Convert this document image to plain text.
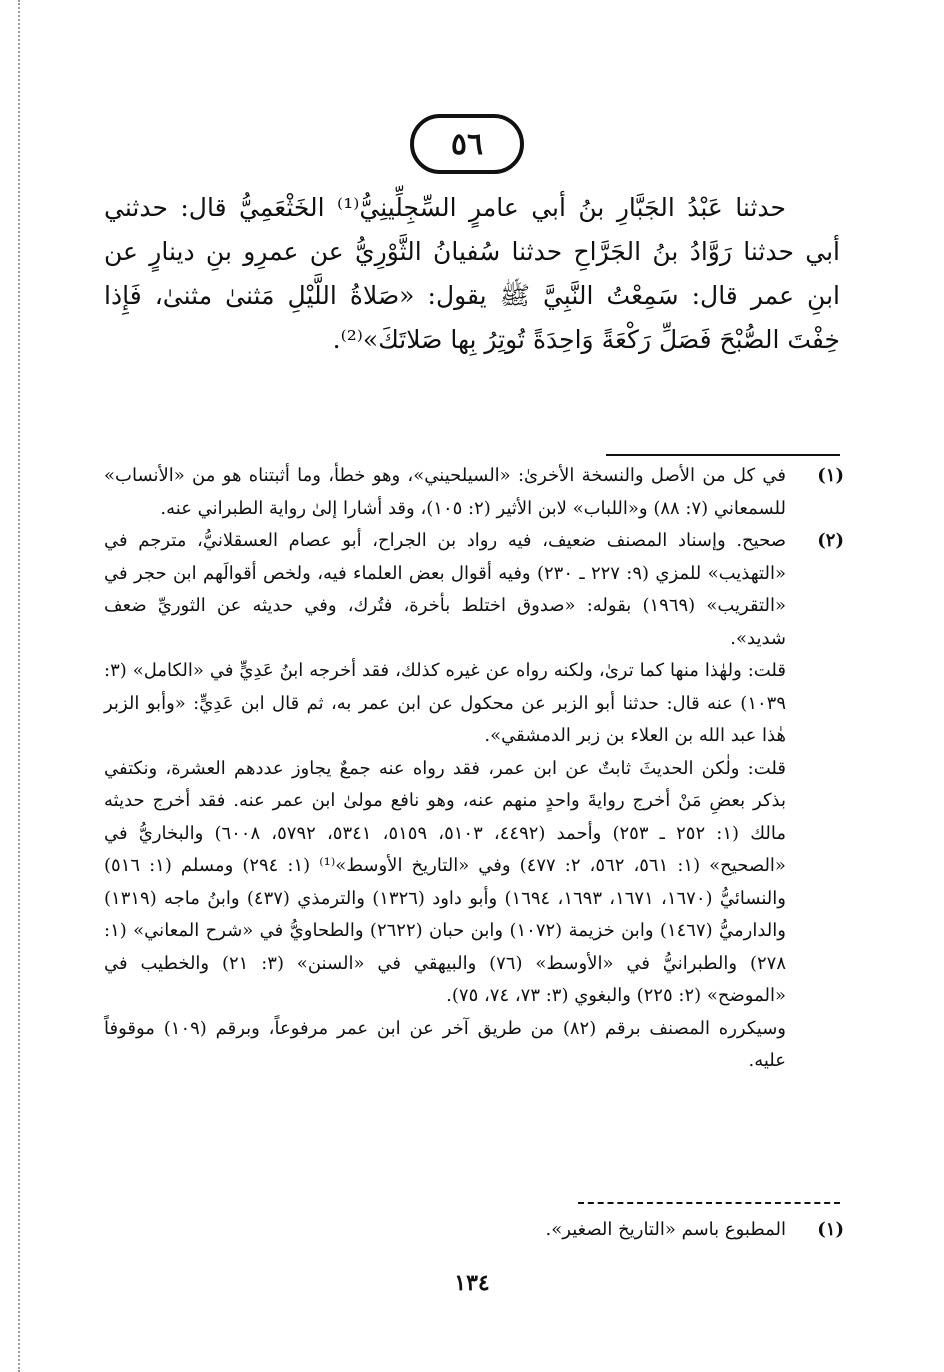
٥٦

حدثنا عَبْدُ الجَبَّارِ بنُ أبي عامرٍ السِّجِلِّينِيُّ⁽¹⁾ الخَثْعَمِيُّ قال: حدثني أبي حدثنا رَوَّادُ بنُ الجَرَّاحِ حدثنا سُفيانُ الثَّوْرِيُّ عن عمرِو بنِ دينارٍ عن ابنِ عمر قال: سَمِعْتُ النَّبِيَّ ﷺ يقول: «صَلاةُ اللَّيْلِ مَثنىٰ مثنىٰ، فَإِذا خِفْتَ الصُّبْحَ فَصَلِّ رَكْعَةً وَاحِدَةً تُوتِرُ بِها صَلاتَكَ»⁽²⁾.

(١)

في كل من الأصل والنسخة الأخرىٰ: «السيلحيني»، وهو خطأ، وما أثبتناه هو من «الأنساب» للسمعاني (٧: ٨٨) و«اللباب» لابن الأثير (٢: ١٠٥)، وقد أشارا إلىٰ رواية الطبراني عنه.

(٢)

صحيح. وإسناد المصنف ضعيف، فيه رواد بن الجراح، أبو عصام العسقلانيُّ، مترجم في «التهذيب» للمزي (٩: ٢٢٧ ـ ٢٣٠) وفيه أقوال بعض العلماء فيه، ولخص أقوالَهم ابن حجر في «التقريب» (١٩٦٩) بقوله: «صدوق اختلط بأخرة، فتُرك، وفي حديثه عن الثوريِّ ضعف شديد».

قلت: ولهٰذا منها كما ترىٰ، ولكنه رواه عن غيره كذلك، فقد أخرجه ابنُ عَدِيٍّ في «الكامل» (٣: ١٠٣٩) عنه قال: حدثنا أبو الزبر عن محكول عن ابن عمر به، ثم قال ابن عَدِيٍّ: «وأبو الزبر هٰذا عبد الله بن العلاء بن زبر الدمشقي».

قلت: ولٰكن الحديثَ ثابتٌ عن ابن عمر، فقد رواه عنه جمعٌ يجاوز عددهم العشرة، ونكتفي بذكر بعضِ مَنْ أخرج روايةَ واحدٍ منهم عنه، وهو نافع مولىٰ ابن عمر عنه. فقد أخرج حديثه مالك (١: ٢٥٢ ـ ٢٥٣) وأحمد (٤٤٩٢، ٥١٠٣، ٥١٥٩، ٥٣٤١، ٥٧٩٢، ٦٠٠٨) والبخاريُّ في «الصحيح» (١: ٥٦١، ٥٦٢، ٢: ٤٧٧) وفي «التاريخ الأوسط»⁽¹⁾ (١: ٢٩٤) ومسلم (١: ٥١٦) والنسائيُّ (١٦٧٠، ١٦٧١، ١٦٩٣، ١٦٩٤) وأبو داود (١٣٢٦) والترمذي (٤٣٧) وابنُ ماجه (١٣١٩) والدارميُّ (١٤٦٧) وابن خزيمة (١٠٧٢) وابن حبان (٢٦٢٢) والطحاويُّ في «شرح المعاني» (١: ٢٧٨) والطبرانيُّ في «الأوسط» (٧٦) والبيهقي في «السنن» (٣: ٢١) والخطيب في «الموضح» (٢: ٢٢٥) والبغوي (٣: ٧٣، ٧٤، ٧٥).

وسيكرره المصنف برقم (٨٢) من طريق آخر عن ابن عمر مرفوعاً، وبرقم (١٠٩) موقوفاً عليه.

(١)
المطبوع باسم «التاريخ الصغير».
١٣٤
